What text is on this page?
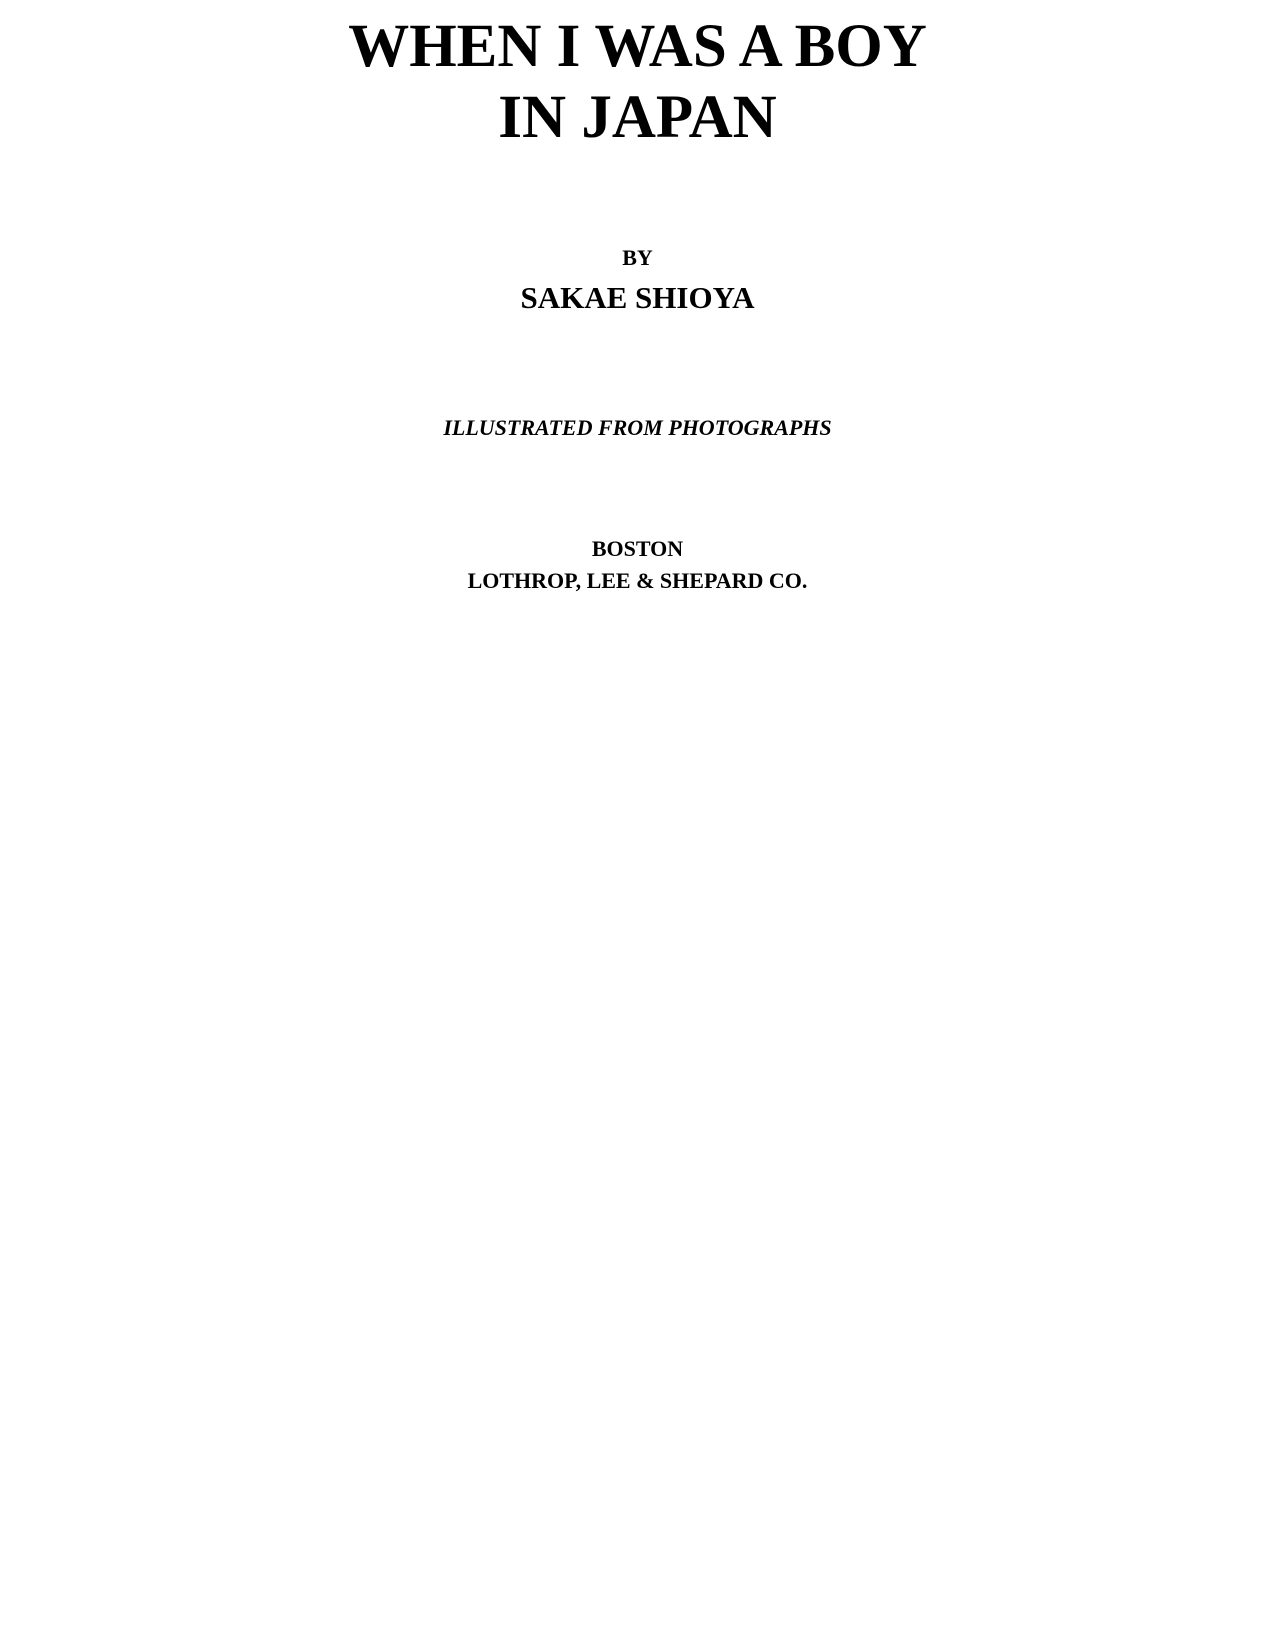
WHEN I WAS A BOY
IN JAPAN

BY

SAKAE SHIOYA

ILLUSTRATED FROM PHOTOGRAPHS

BOSTON

LOTHROP, LEE & SHEPARD CO.
